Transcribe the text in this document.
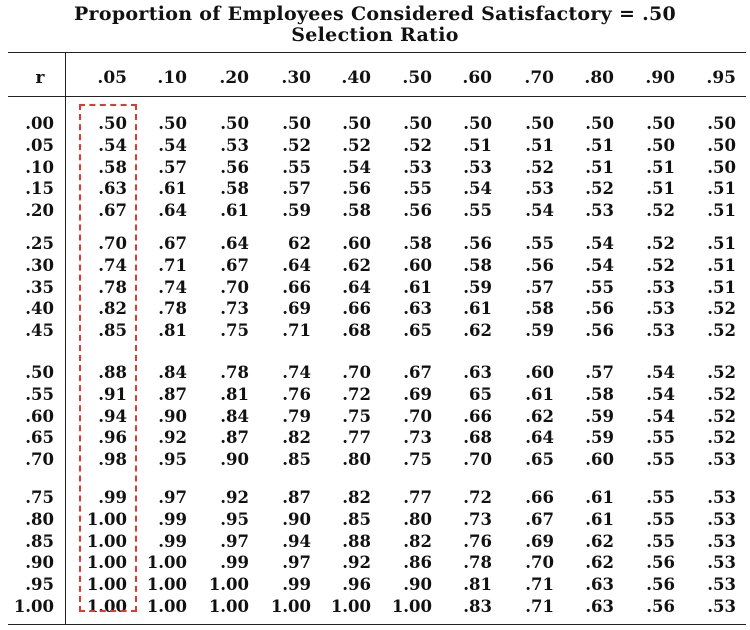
Proportion of Employees Considered Satisfactory = .50
Selection Ratio
r	.05	.10	.20	.30	.40	.50	.60	.70	.80	.90	.95
.00	.50	.50	.50	.50	.50	.50	.50	.50	.50	.50	.50
.05	.54	.54	.53	.52	.52	.52	.51	.51	.51	.50	.50
.10	.58	.57	.56	.55	.54	.53	.53	.52	.51	.51	.50
.15	.63	.61	.58	.57	.56	.55	.54	.53	.52	.51	.51
.20	.67	.64	.61	.59	.58	.56	.55	.54	.53	.52	.51
.25	.70	.67	.64	62	.60	.58	.56	.55	.54	.52	.51
.30	.74	.71	.67	.64	.62	.60	.58	.56	.54	.52	.51
.35	.78	.74	.70	.66	.64	.61	.59	.57	.55	.53	.51
.40	.82	.78	.73	.69	.66	.63	.61	.58	.56	.53	.52
.45	.85	.81	.75	.71	.68	.65	.62	.59	.56	.53	.52
.50	.88	.84	.78	.74	.70	.67	.63	.60	.57	.54	.52
.55	.91	.87	.81	.76	.72	.69	65	.61	.58	.54	.52
.60	.94	.90	.84	.79	.75	.70	.66	.62	.59	.54	.52
.65	.96	.92	.87	.82	.77	.73	.68	.64	.59	.55	.52
.70	.98	.95	.90	.85	.80	.75	.70	.65	.60	.55	.53
.75	.99	.97	.92	.87	.82	.77	.72	.66	.61	.55	.53
.80	1.00	.99	.95	.90	.85	.80	.73	.67	.61	.55	.53
.85	1.00	.99	.97	.94	.88	.82	.76	.69	.62	.55	.53
.90	1.00	1.00	.99	.97	.92	.86	.78	.70	.62	.56	.53
.95	1.00	1.00	1.00	.99	.96	.90	.81	.71	.63	.56	.53
1.00	1.00	1.00	1.00	1.00	1.00	1.00	.83	.71	.63	.56	.53
